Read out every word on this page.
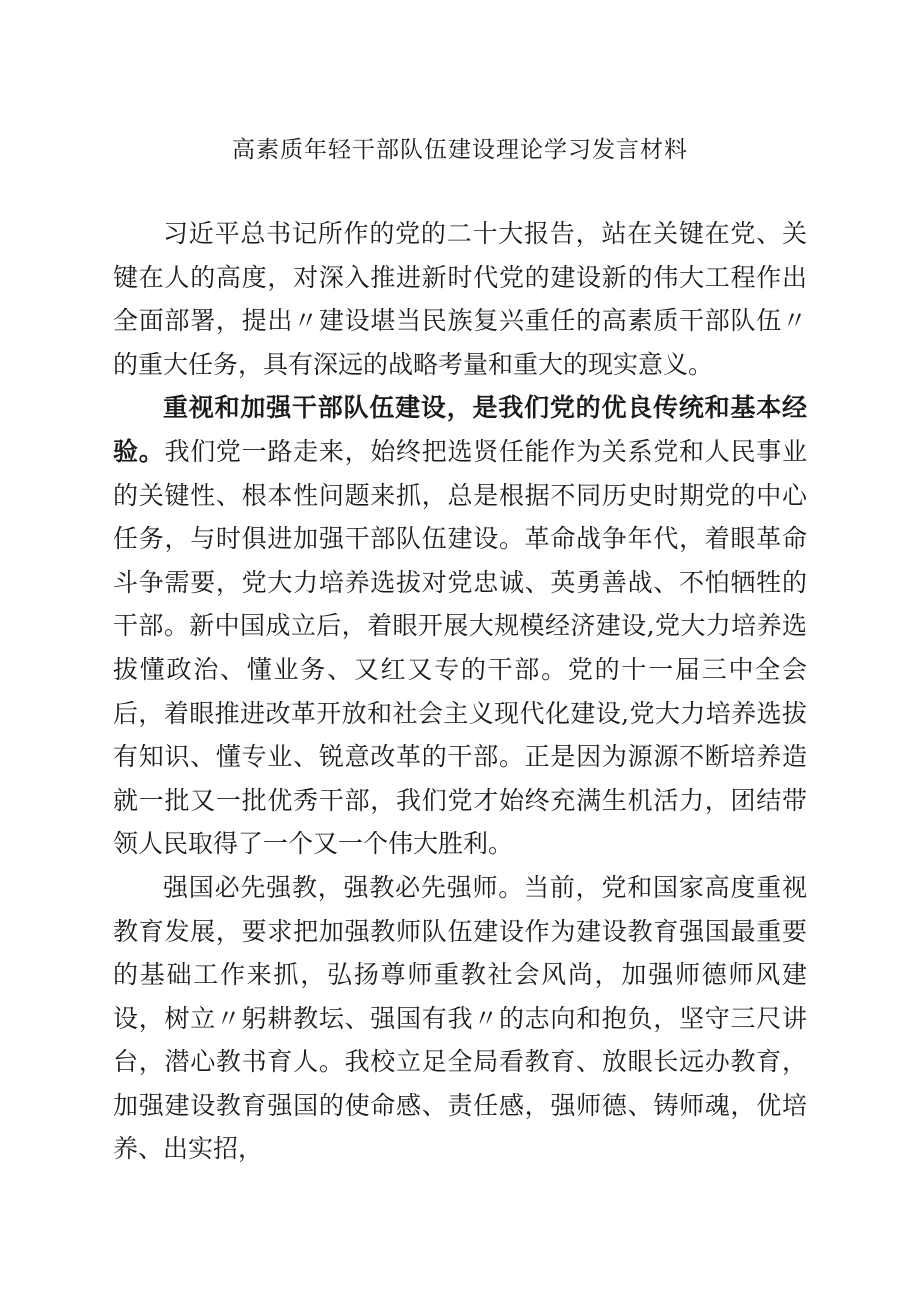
高素质年轻干部队伍建设理论学习发言材料

习近平总书记所作的党的二十大报告，站在关键在党、关键在人的高度，对深入推进新时代党的建设新的伟大工程作出全面部署，提出〃建设堪当民族复兴重任的高素质干部队伍〃的重大任务，具有深远的战略考量和重大的现实意义。

重视和加强干部队伍建设，是我们党的优良传统和基本经验。我们党一路走来，始终把选贤任能作为关系党和人民事业的关键性、根本性问题来抓，总是根据不同历史时期党的中心任务，与时俱进加强干部队伍建设。革命战争年代，着眼革命斗争需要，党大力培养选拔对党忠诚、英勇善战、不怕牺牲的干部。新中国成立后，着眼开展大规模经济建设,党大力培养选拔懂政治、懂业务、又红又专的干部。党的十一届三中全会后，着眼推进改革开放和社会主义现代化建设,党大力培养选拔有知识、懂专业、锐意改革的干部。正是因为源源不断培养造就一批又一批优秀干部，我们党才始终充满生机活力，团结带领人民取得了一个又一个伟大胜利。

强国必先强教，强教必先强师。当前，党和国家高度重视教育发展，要求把加强教师队伍建设作为建设教育强国最重要的基础工作来抓，弘扬尊师重教社会风尚，加强师德师风建设，树立〃躬耕教坛、强国有我〃的志向和抱负，坚守三尺讲台，潜心教书育人。我校立足全局看教育、放眼长远办教育，加强建设教育强国的使命感、责任感，强师德、铸师魂，优培养、出实招，
